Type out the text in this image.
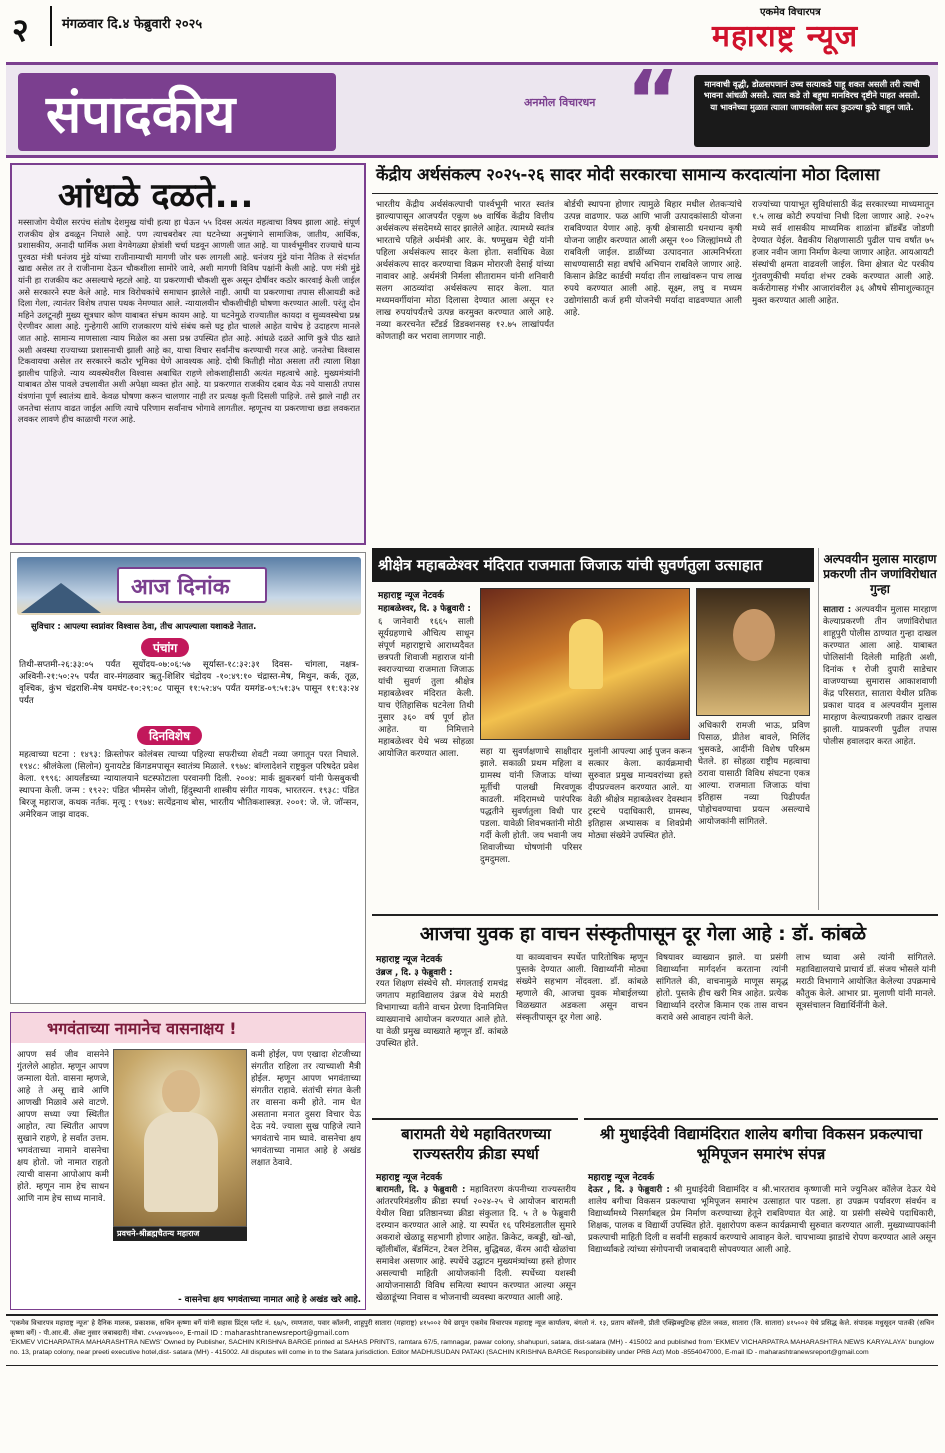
२	मंगळवार दि.४ फेब्रुवारी २०२५
एकमेव विचारपत्र
महाराष्ट्र न्यूज
संपादकीय	अनमोल विचारधन “	मानवाची वृद्धी, डोळसपणानं उच्च सत्याकडे पाहू शकत असली तरी त्याची भावना आंधळी असते. त्यात कडे तो बहुधा मानविरच दृष्टीने पाहत असतो. या भावनेच्या मुळात त्याला जाणवलेला सत्य कुठल्या कुठे वाहून जाते.
आंधळे दळते...

मस्साजोग येथील सरपंच संतोष देशमुख यांची हत्या हा घेऊन ५५ दिवस अत्यंत महत्वाचा विषय झाला आहे. संपूर्ण राजकीय क्षेत्र ढवळून निघाले आहे. पण त्याचबरोबर त्या घटनेच्या अनुषंगाने सामाजिक, जातीय, आर्थिक, प्रशासकीय, अनादी धार्मिक अशा वेगवेगळ्या क्षेत्रांशी चर्चा घडवून आणली जात आहे. या पार्श्वभूमीवर राज्याचे धान्य पुरवठा मंत्री धनंजय मुंडे यांच्या राजीनाम्याची मागणी जोर धरू लागली आहे. धनंजय मुंडे यांना नैतिक ते संदर्भात खाद्य असेल तर ते राजीनामा देऊन चौकशीला सामोरे जावे, अशी मागणी विविध पक्षांनी केली आहे. पण मंत्री मुंडे यांनी हा राजकीय कट असल्याचे म्हटले आहे. या प्रकरणाची चौकशी सुरू असून दोषींवर कठोर कारवाई केली जाईल असे सरकारने स्पष्ट केले आहे. मात्र विरोधकांचे समाधान झालेले नाही. आधी या प्रकरणाचा तपास सीआयडी कडे दिला गेला, त्यानंतर विशेष तपास पथक नेमण्यात आले. न्यायालयीन चौकशीचीही घोषणा करण्यात आली. परंतु दोन महिने उलटूनही मुख्य सूत्रधार कोण याबाबत संभ्रम कायम आहे. या घटनेमुळे राज्यातील कायदा व सुव्यवस्थेचा प्रश्न ऐरणीवर आला आहे. गुन्हेगारी आणि राजकारण यांचे संबंध कसे घट्ट होत चालले आहेत याचेच हे उदाहरण मानले जात आहे. सामान्य माणसाला न्याय मिळेल का असा प्रश्न उपस्थित होत आहे. आंधळे दळते आणि कुत्रे पीठ खाते अशी अवस्था राज्याच्या प्रशासनाची झाली आहे का, याचा विचार सर्वांनीच करण्याची गरज आहे. जनतेचा विश्वास टिकवायचा असेल तर सरकारने कठोर भूमिका घेणे आवश्यक आहे. दोषी कितीही मोठा असला तरी त्याला शिक्षा झालीच पाहिजे. न्याय व्यवस्थेवरील विश्वास अबाधित राहणे लोकशाहीसाठी अत्यंत महत्वाचे आहे. मुख्यमंत्र्यांनी याबाबत ठोस पावले उचलावीत अशी अपेक्षा व्यक्त होत आहे. या प्रकरणात राजकीय दबाव येऊ नये यासाठी तपास यंत्रणांना पूर्ण स्वातंत्र्य द्यावे. केवळ घोषणा करून चालणार नाही तर प्रत्यक्ष कृती दिसली पाहिजे. तसे झाले नाही तर जनतेचा संताप वाढत जाईल आणि त्याचे परिणाम सर्वांनाच भोगावे लागतील. म्हणूनच या प्रकरणाचा छडा लवकरात लवकर लावणे हीच काळाची गरज आहे.

आज दिनांक
सुविचार : आपल्या स्वप्नांवर विश्वास ठेवा, तीच आपल्याला यशाकडे नेतात.
पंचांग
तिथी-सप्तमी-२६:३३:०५ पर्यंत सूर्योदय-०७:०६:५७ सूर्यास्त-१८:३२:३१ दिवस- चांगला, नक्षत्र-अश्विनी-२१:५०:२५ पर्यंत वार-मंगळवार ऋतु-शिशिर चंद्रोदय -१०:४९:१० चंद्रास्त-मेष, मिथुन, कर्क, तूळ, वृश्चिक, कुंभ चंद्रराशि-मेष यमघंट-१०:२९:०८ पासून ११:५२:४५ पर्यंत यमगंड-०९:५१:३५ पासून ११:१३:२४ पर्यंत
दिनविशेष

महत्वाच्या घटना : १४९३: क्रिस्तोफर कोलंबस त्याच्या पहिल्या सफरीच्या शेवटी नव्या जगातून परत निघाले. १९४८: श्रीलंकेला (सिलोन) युनायटेड किंगडमपासून स्वातंत्र्य मिळाले. १९७४: बांग्लादेशने राष्ट्रकुल परिषदेत प्रवेश केला. १९९६: आयर्लंडच्या न्यायालयाने घटस्फोटाला परवानगी दिली. २००४: मार्क झुकरबर्ग यांनी फेसबुकची स्थापना केली. जन्म : १९२२: पंडित भीमसेन जोशी, हिंदुस्थानी शास्त्रीय संगीत गायक, भारतरत्न. १९३८: पंडित बिरजू महाराज, कथक नर्तक. मृत्यू : १९७४: सत्येंद्रनाथ बोस, भारतीय भौतिकशास्त्रज्ञ. २००१: जे. जे. जॉन्सन, अमेरिकन जाझ वादक.

भगवंताच्या नामानेच वासनाक्षय !

आपण सर्व जीव वासनेने गुंतलेले आहोत. म्हणून आपण जन्माला येतो. वासना म्हणजे, आहे ते असू द्यावे आणि आणखी मिळावे असे वाटणे. आपण सध्या ज्या स्थितीत आहोत, त्या स्थितीत आपण सुखाने राहणे, हे सर्वांत उत्तम. भगवंताच्या नामाने वासनेचा क्षय होतो. जो नामात राहतो त्याची वासना आपोआप कमी होते. म्हणून नाम हेच साधन आणि नाम हेच साध्य मानावे.

प्रवचने-श्रीब्रह्मचैतन्य महाराज

कमी होईल, पण एखादा शेटजीच्या संगतीत राहिला तर त्याच्याशी मैत्री होईल. म्हणून आपण भगवंताच्या संगतीत राहावे. संतांची संगत केली तर वासना कमी होते. नाम घेत असताना मनात दुसरा विचार येऊ देऊ नये. ज्याला सुख पाहिजे त्याने भगवंताचे नाम घ्यावे. वासनेचा क्षय भगवंताच्या नामात आहे हे अखंड लक्षात ठेवावे.

- वासनेचा क्षय भगवंताच्या नामात आहे हे अखंड खरे आहे.
केंद्रीय अर्थसंकल्प २०२५-२६ सादर मोदी सरकारचा सामान्य करदात्यांना मोठा दिलासा

भारतीय केंद्रीय अर्थसंकल्पाची पार्श्वभूमी भारत स्वतंत्र झाल्यापासून आजपर्यंत एकूण ७७ वार्षिक केंद्रीय वित्तीय अर्थसंकल्प संसदेमध्ये सादर झालेले आहेत. त्यामध्ये स्वतंत्र भारताचे पहिले अर्थमंत्री आर. के. षण्मुखम चेट्टी यांनी पहिला अर्थसंकल्प सादर केला होता. सर्वाधिक वेळा अर्थसंकल्प सादर करण्याचा विक्रम मोरारजी देसाई यांच्या नावावर आहे. अर्थमंत्री निर्मला सीतारामन यांनी शनिवारी सलग आठव्यांदा अर्थसंकल्प सादर केला. यात मध्यमवर्गीयांना मोठा दिलासा देण्यात आला असून १२ लाख रुपयांपर्यंतचे उत्पन्न करमुक्त करण्यात आले आहे. नव्या कररचनेत स्टँडर्ड डिडक्शनसह १२.७५ लाखांपर्यंत कोणताही कर भरावा लागणार नाही.

बोर्डची स्थापना होणार त्यामुळे बिहार मधील शेतकऱ्यांचे उत्पन्न वाढणार. फळ आणि भाजी उत्पादकांसाठी योजना राबविण्यात येणार आहे. कृषी क्षेत्रासाठी धनधान्य कृषी योजना जाहीर करण्यात आली असून १०० जिल्ह्यांमध्ये ती राबविली जाईल. डाळींच्या उत्पादनात आत्मनिर्भरता साधण्यासाठी सहा वर्षांचे अभियान राबविले जाणार आहे. किसान क्रेडिट कार्डची मर्यादा तीन लाखांवरून पाच लाख रुपये करण्यात आली आहे. सूक्ष्म, लघु व मध्यम उद्योगांसाठी कर्ज हमी योजनेची मर्यादा वाढवण्यात आली आहे.

राज्यांच्या पायाभूत सुविधांसाठी केंद्र सरकारच्या माध्यमातून १.५ लाख कोटी रुपयांचा निधी दिला जाणार आहे. २०२५ मध्ये सर्व शासकीय माध्यमिक शाळांना ब्रॉडबँड जोडणी देण्यात येईल. वैद्यकीय शिक्षणासाठी पुढील पाच वर्षांत ७५ हजार नवीन जागा निर्माण केल्या जाणार आहेत. आयआयटी संस्थांची क्षमता वाढवली जाईल. विमा क्षेत्रात थेट परकीय गुंतवणुकीची मर्यादा शंभर टक्के करण्यात आली आहे. कर्करोगासह गंभीर आजारांवरील ३६ औषधे सीमाशुल्कातून मुक्त करण्यात आली आहेत.

श्रीक्षेत्र महाबळेश्वर मंदिरात राजमाता जिजाऊ यांची सुवर्णतुला उत्साहात
महाराष्ट्र न्यूज नेटवर्क
महाबळेश्वर, दि. ३ फेब्रुवारी :

६ जानेवारी १६६५ साली सूर्यग्रहणाचे औचित्य साधून संपूर्ण महाराष्ट्राचे आराध्यदैवत छत्रपती शिवाजी महाराज यांनी स्वराज्याच्या राजमाता जिजाऊ यांची सुवर्ण तुला श्रीक्षेत्र महाबळेश्वर मंदिरात केली. याच ऐतिहासिक घटनेला तिथी नुसार ३६० वर्ष पूर्ण होत आहेत. या निमित्ताने महाबळेश्वर येथे भव्य सोहळा आयोजित करण्यात आला.	सहा या सुवर्णक्षणाचे साक्षीदार झाले. सकाळी प्रथम महिला व ग्रामस्थ यांनी जिजाऊ यांच्या मूर्तीची पालखी मिरवणूक काढली. मंदिरामध्ये पारंपरिक पद्धतीने सुवर्णतुला विधी पार पडला. यावेळी शिवभक्तांनी मोठी गर्दी केली होती. जय भवानी जय शिवाजीच्या घोषणांनी परिसर दुमदुमला.

मुलांनी आपल्या आई पुजन करून सत्कार केला. कार्यक्रमाची सुरुवात प्रमुख मान्यवरांच्या हस्ते दीपप्रज्वलन करण्यात आले. या वेळी श्रीक्षेत्र महाबळेश्वर देवस्थान ट्रस्टचे पदाधिकारी, ग्रामस्थ, इतिहास अभ्यासक व शिवप्रेमी मोठ्या संख्येने उपस्थित होते.

अधिकारी रामजी भाऊ, प्रविण पिसाळ, प्रीतेश बावले, मिलिंद भुसकडे, आदींनी विशेष परिश्रम घेतले. हा सोहळा राष्ट्रीय महत्वाचा ठरावा यासाठी विविध संघटना एकत्र आल्या. राजमाता जिजाऊ यांचा इतिहास नव्या पिढीपर्यंत पोहोचवण्याचा प्रयत्न असल्याचे आयोजकांनी सांगितले.

अल्पवयीन मुलास मारहाण प्रकरणी तीन जणांविरोधात गुन्हा

सातारा : अल्पवयीन मुलास मारहाण केल्याप्रकरणी तीन जणांविरोधात शाहूपुरी पोलीस ठाण्यात गुन्हा दाखल करण्यात आला आहे. याबाबत पोलिसांनी दिलेली माहिती अशी, दिनांक १ रोजी दुपारी साडेचार वाजण्याच्या सुमारास आकाशवाणी केंद्र परिसरात, सातारा येथील प्रतिक प्रकाश यादव व अल्पवयीन मुलास मारहाण केल्याप्रकरणी तक्रार दाखल झाली. याप्रकरणी पुढील तपास पोलीस हवालदार करत आहेत.

आजचा युवक हा वाचन संस्कृतीपासून दूर गेला आहे : डॉ. कांबळे
महाराष्ट्र न्यूज नेटवर्क
उंब्रज , दि. ३ फेब्रुवारी :

रयत शिक्षण संस्थेचे सौ. मंगलताई रामचंद्र जगताप महाविद्यालय उंब्रज येथे मराठी विभागाच्या वतीने वाचन प्रेरणा दिनानिमित्त व्याख्यानाचे आयोजन करण्यात आले होते. या वेळी प्रमुख व्याख्याते म्हणून डॉ. कांबळे उपस्थित होते.

या काव्यवाचन स्पर्धेत पारितोषिक म्हणून पुस्तके देण्यात आली. विद्यार्थ्यांनी मोठ्या संख्येने सहभाग नोंदवला. डॉ. कांबळे म्हणाले की, आजचा युवक मोबाईलच्या विळख्यात अडकला असून वाचन संस्कृतीपासून दूर गेला आहे.

विषयावर व्याख्यान झाले. या प्रसंगी विद्यार्थ्यांना मार्गदर्शन करताना त्यांनी सांगितले की, वाचनामुळे माणूस समृद्ध होतो. पुस्तके हीच खरी मित्र आहेत. प्रत्येक विद्यार्थ्याने दररोज किमान एक तास वाचन करावे असे आवाहन त्यांनी केले.

लाभ घ्यावा असे त्यांनी सांगितले. महाविद्यालयाचे प्राचार्य डॉ. संजय भोसले यांनी मराठी विभागाने आयोजित केलेल्या उपक्रमाचे कौतुक केले. आभार प्रा. मुलाणी यांनी मानले. सूत्रसंचालन विद्यार्थिनींनी केले.

बारामती येथे महावितरणच्या राज्यस्तरीय क्रीडा स्पर्धा
महाराष्ट्र न्यूज नेटवर्क

बारामती, दि. ३ फेब्रुवारी : महावितरण कंपनीच्या राज्यस्तरीय आंतरपरिमंडलीय क्रीडा स्पर्धा २०२४-२५ चे आयोजन बारामती येथील विद्या प्रतिष्ठानच्या क्रीडा संकुलात दि. ५ ते ७ फेब्रुवारी दरम्यान करण्यात आले आहे. या स्पर्धेत १६ परिमंडलातील सुमारे अकराशे खेळाडू सहभागी होणार आहेत. क्रिकेट, कबड्डी, खो-खो, व्हॉलीबॉल, बॅडमिंटन, टेबल टेनिस, बुद्धिबळ, कॅरम आदी खेळांचा समावेश असणार आहे. स्पर्धेचे उद्घाटन मुख्यमंत्र्यांच्या हस्ते होणार असल्याची माहिती आयोजकांनी दिली. स्पर्धेच्या यशस्वी आयोजनासाठी विविध समित्या स्थापन करण्यात आल्या असून खेळाडूंच्या निवास व भोजनाची व्यवस्था करण्यात आली आहे.

श्री मुधाईदेवी विद्यामंदिरात शालेय बगीचा विकसन प्रकल्पाचा भूमिपूजन समारंभ संपन्न
महाराष्ट्र न्यूज नेटवर्क

देऊर , दि. ३ फेब्रुवारी : श्री मुधाईदेवी विद्यामंदिर व श्री.भारतराव कृष्णाजी माने ज्युनिअर कॉलेज देऊर येथे शालेय बगीचा विकसन प्रकल्पाचा भूमिपूजन समारंभ उत्साहात पार पडला. हा उपक्रम पर्यावरण संवर्धन व विद्यार्थ्यांमध्ये निसर्गाबद्दल प्रेम निर्माण करण्याच्या हेतूने राबविण्यात येत आहे. या प्रसंगी संस्थेचे पदाधिकारी, शिक्षक, पालक व विद्यार्थी उपस्थित होते. वृक्षारोपण करून कार्यक्रमाची सुरुवात करण्यात आली. मुख्याध्यापकांनी प्रकल्पाची माहिती दिली व सर्वांनी सहकार्य करण्याचे आवाहन केले. चापभाव्या झाडांचे रोपण करण्यात आले असून विद्यार्थ्यांकडे त्यांच्या संगोपनाची जबाबदारी सोपवण्यात आली आहे.

'एकमेव विचारपत्र महाराष्ट्र न्यूज' हे दैनिक मालक, प्रकाशक, सचिन कृष्णा बर्गे यांनी सहास प्रिंट्स प्लॉट नं. ६७/५, रमणतारा, पवार कॉलनी, शाहूपुरी सातारा (महाराष्ट्र) ४१५००२ येथे छापून एकमेव विचारपत्र महाराष्ट्र न्यूज कार्यालय, बंगलो नं. १३, प्रताप कॉलनी, प्रीती एक्झिक्युटिव्ह हॉटेल जवळ, सातारा (जि. सातारा) ४१५००२ येथे प्रसिद्ध केले. संपादक मधुसूदन पातकी (सचिन कृष्णा बर्गे) - पी.आर.बी. ॲक्ट नुसार जबाबदारी) मोबा. ८५५४०४७०००, E-mail ID : maharashtranewsreport@gmail.com
'EKMEV VICHARPATRA MAHARASHTRA NEWS' Owned by Publisher, SACHIN KRISHNA BARGE printed at SAHAS PRINTS, ramtara 67/5, ramnagar, pawar colony, shahupuri, satara, dist-satara (MH) - 415002 and published from 'EKMEV VICHARPATRA MAHARASHTRA NEWS KARYALAYA' bunglow no. 13, pratap colony, near preeti executive hotel,dist- satara (MH) - 415002. All disputes will come in to the Satara jurisdiction. Editor MADHUSUDAN PATAKI (SACHIN KRISHNA BARGE Responsibility under PRB Act) Mob -8554047000, E-mail ID - maharashtranewsreport@gmail.com
